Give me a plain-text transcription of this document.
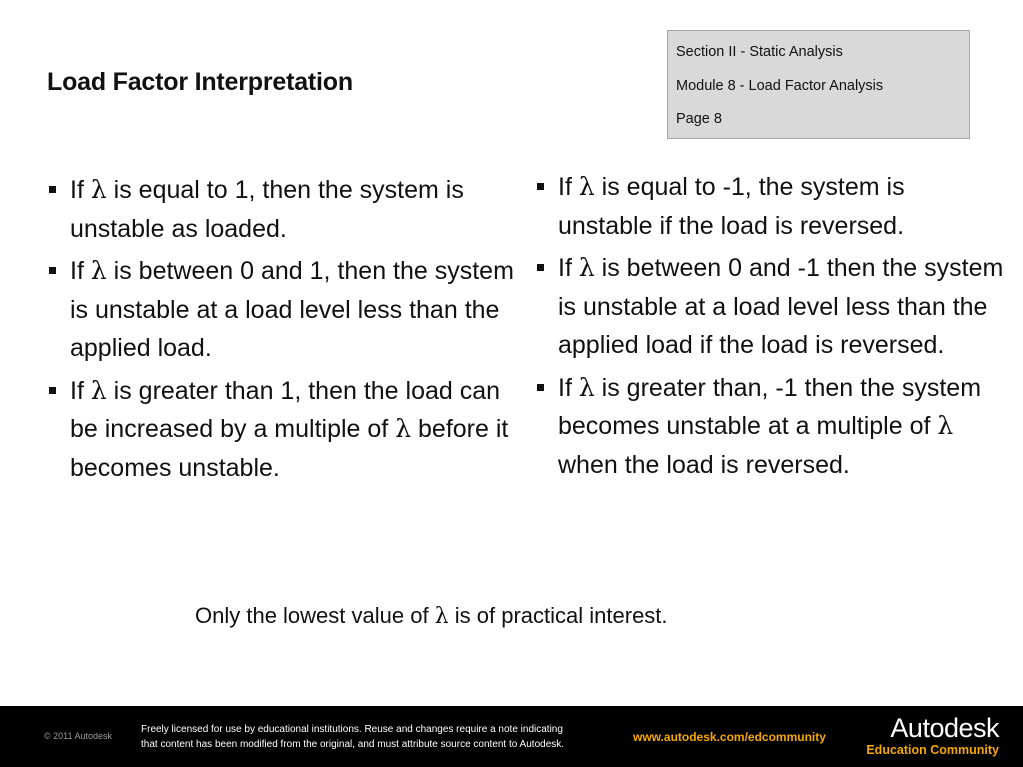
Load Factor Interpretation
Section II - Static Analysis
Module 8 - Load Factor Analysis
Page 8
If λ is equal to 1, then the system is unstable as loaded.
If λ is between 0 and 1, then the system is unstable at a load level less than the applied load.
If λ is greater than 1, then the load can be increased by a multiple of λ before it becomes unstable.
If λ is equal to -1, the system is unstable if the load is reversed.
If λ is between 0 and -1 then the system is unstable at a load level less than the applied load if the load is reversed.
If λ is greater than, -1 then the system becomes unstable at a multiple of λ when the load is reversed.
Only the lowest value of λ is of practical interest.
© 2011 Autodesk
Freely licensed for use by educational institutions. Reuse and changes require a note indicating
that content has been modified from the original, and must attribute source content to Autodesk.
www.autodesk.com/edcommunity Autodesk
Education Community
